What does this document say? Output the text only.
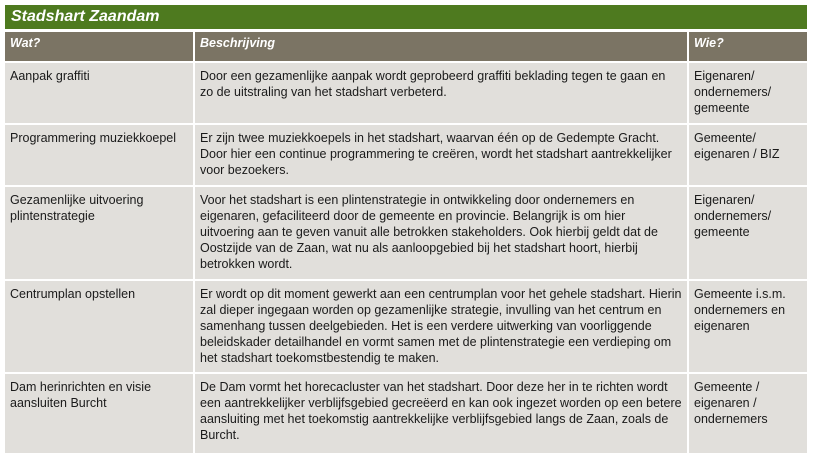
Stadshart Zaandam
Wat?	Beschrijving	Wie?
Aanpak graffiti	Door een gezamenlijke aanpak wordt geprobeerd graffiti beklading tegen te gaan en zo de uitstraling van het stadshart verbeterd.	Eigenaren/ ondernemers/ gemeente
Programmering muziekkoepel	Er zijn twee muziekkoepels in het stadshart, waarvan één op de Gedempte Gracht. Door hier een continue programmering te creëren, wordt het stadshart aantrekkelijker voor bezoekers.	Gemeente/ eigenaren / BIZ
Gezamenlijke uitvoering plintenstrategie	Voor het stadshart is een plintenstrategie in ontwikkeling door ondernemers en eigenaren, gefaciliteerd door de gemeente en provincie. Belangrijk is om hier uitvoering aan te geven vanuit alle betrokken stakeholders. Ook hierbij geldt dat de Oostzijde van de Zaan, wat nu als aanloopgebied bij het stadshart hoort, hierbij betrokken wordt.	Eigenaren/ ondernemers/ gemeente
Centrumplan opstellen	Er wordt op dit moment gewerkt aan een centrumplan voor het gehele stadshart. Hierin zal dieper ingegaan worden op gezamenlijke strategie, invulling van het centrum en samenhang tussen deelgebieden. Het is een verdere uitwerking van voorliggende beleidskader detailhandel en vormt samen met de plintenstrategie een verdieping om het stadshart toekomstbestendig te maken.	Gemeente i.s.m. ondernemers en eigenaren
Dam herinrichten en visie aansluiten Burcht	De Dam vormt het horecacluster van het stadshart. Door deze her in te richten wordt een aantrekkelijker verblijfsgebied gecreëerd en kan ook ingezet worden op een betere aansluiting met het toekomstig aantrekkelijke verblijfsgebied langs de Zaan, zoals de Burcht.	Gemeente / eigenaren / ondernemers
